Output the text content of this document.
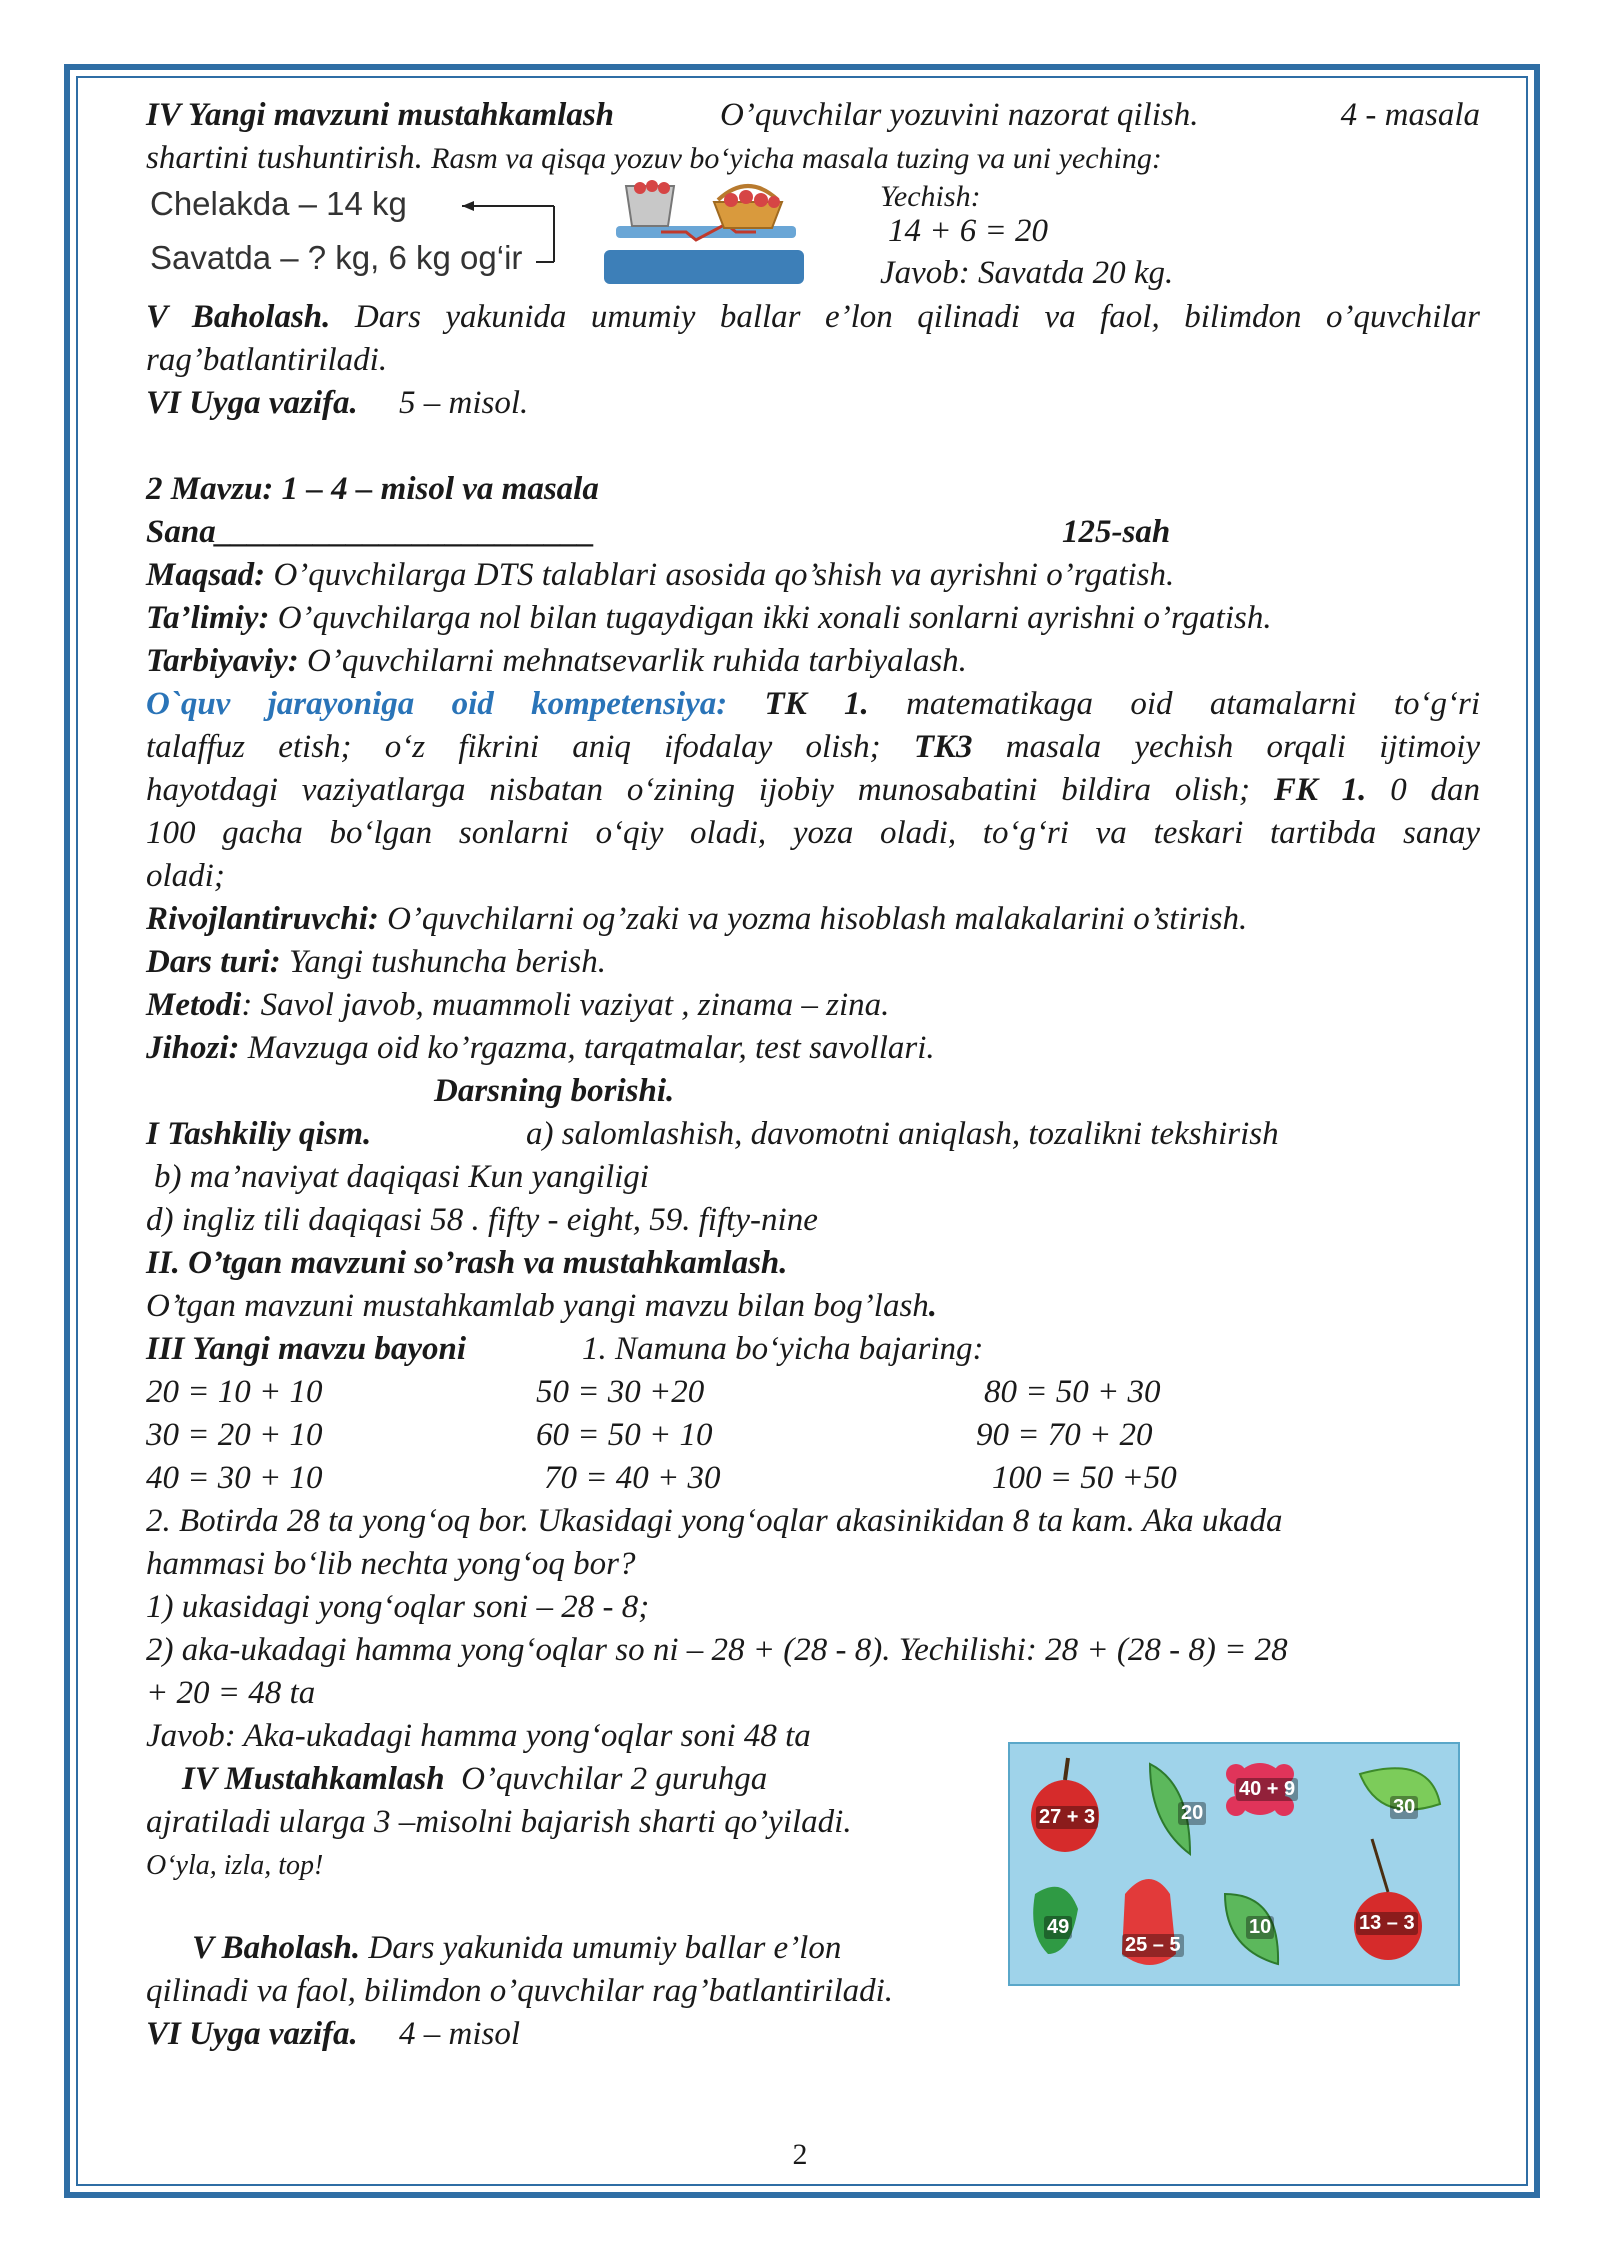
IV Yangi mavzuni mustahkamlash	O’quvchilar yozuvini nazorat qilish.	4 - masala
shartini tushuntirish. Rasm va qisqa yozuv bo‘yicha masala tuzing va uni yeching:
Chelakda – 14 kg
Savatda – ? kg, 6 kg og‘ir
Yechish:
14 + 6 = 20
Javob: Savatda 20 kg.
V Baholash. Dars yakunida umumiy ballar e’lon qilinadi va faol, bilimdon o’quvchilar
rag’batlantiriladi.
VI Uyga vazifa. 5 – misol.
2 Mavzu: 1 – 4 – misol va masala
Sana_______________________	125-sah
Maqsad: O’quvchilarga DTS talablari asosida qo’shish va ayrishni o’rgatish.
Ta’limiy: O’quvchilarga nol bilan tugaydigan ikki xonali sonlarni ayrishni o’rgatish.
Tarbiyaviy: O’quvchilarni mehnatsevarlik ruhida tarbiyalash.
O`quv jarayoniga oid kompetensiya: TK 1. matematikaga oid atamalarni to‘g‘ri
talaffuz etish; o‘z fikrini aniq ifodalay olish; TK3 masala yechish orqali ijtimoiy
hayotdagi vaziyatlarga nisbatan o‘zining ijobiy munosabatini bildira olish; FK 1. 0 dan
100 gacha bo‘lgan sonlarni o‘qiy oladi, yoza oladi, to‘g‘ri va teskari tartibda sanay
oladi;
Rivojlantiruvchi: O’quvchilarni og’zaki va yozma hisoblash malakalarini o’stirish.
Dars turi: Yangi tushuncha berish.
Metodi: Savol javob, muammoli vaziyat , zinama – zina.
Jihozi: Mavzuga oid ko’rgazma, tarqatmalar, test savollari.
Darsning borishi.
I Tashkiliy qism.	a) salomlashish, davomotni aniqlash, tozalikni tekshirish
b) ma’naviyat daqiqasi Kun yangiligi
d) ingliz tili daqiqasi 58 . fifty - eight, 59. fifty-nine
II. O’tgan mavzuni so’rash va mustahkamlash.
O’tgan mavzuni mustahkamlab yangi mavzu bilan bog’lash.
III Yangi mavzu bayoni	1. Namuna bo‘yicha bajaring:
20 = 10 + 10	50 = 30 +20	80 = 50 + 30
30 = 20 + 10	60 = 50 + 10	90 = 70 + 20
40 = 30 + 10	70 = 40 + 30	100 = 50 +50
2. Botirda 28 ta yong‘oq bor. Ukasidagi yong‘oqlar akasinikidan 8 ta kam. Aka ukada
hammasi bo‘lib nechta yong‘oq bor?
1) ukasidagi yong‘oqlar soni – 28 - 8;
2) aka-ukadagi hamma yong‘oqlar so ni – 28 + (28 - 8). Yechilishi: 28 + (28 - 8) = 28
+ 20 = 48 ta
Javob: Aka-ukadagi hamma yong‘oqlar soni 48 ta
IV Mustahkamlash O’quvchilar 2 guruhga
ajratiladi ularga 3 –misolni bajarish sharti qo’yiladi.
O‘yla, izla, top!
V Baholash. Dars yakunida umumiy ballar e’lon
qilinadi va faol, bilimdon o’quvchilar rag’batlantiriladi.
VI Uyga vazifa. 4 – misol
27 + 3	20
40 + 9
30
49
25 – 5
10	13 – 3
2
